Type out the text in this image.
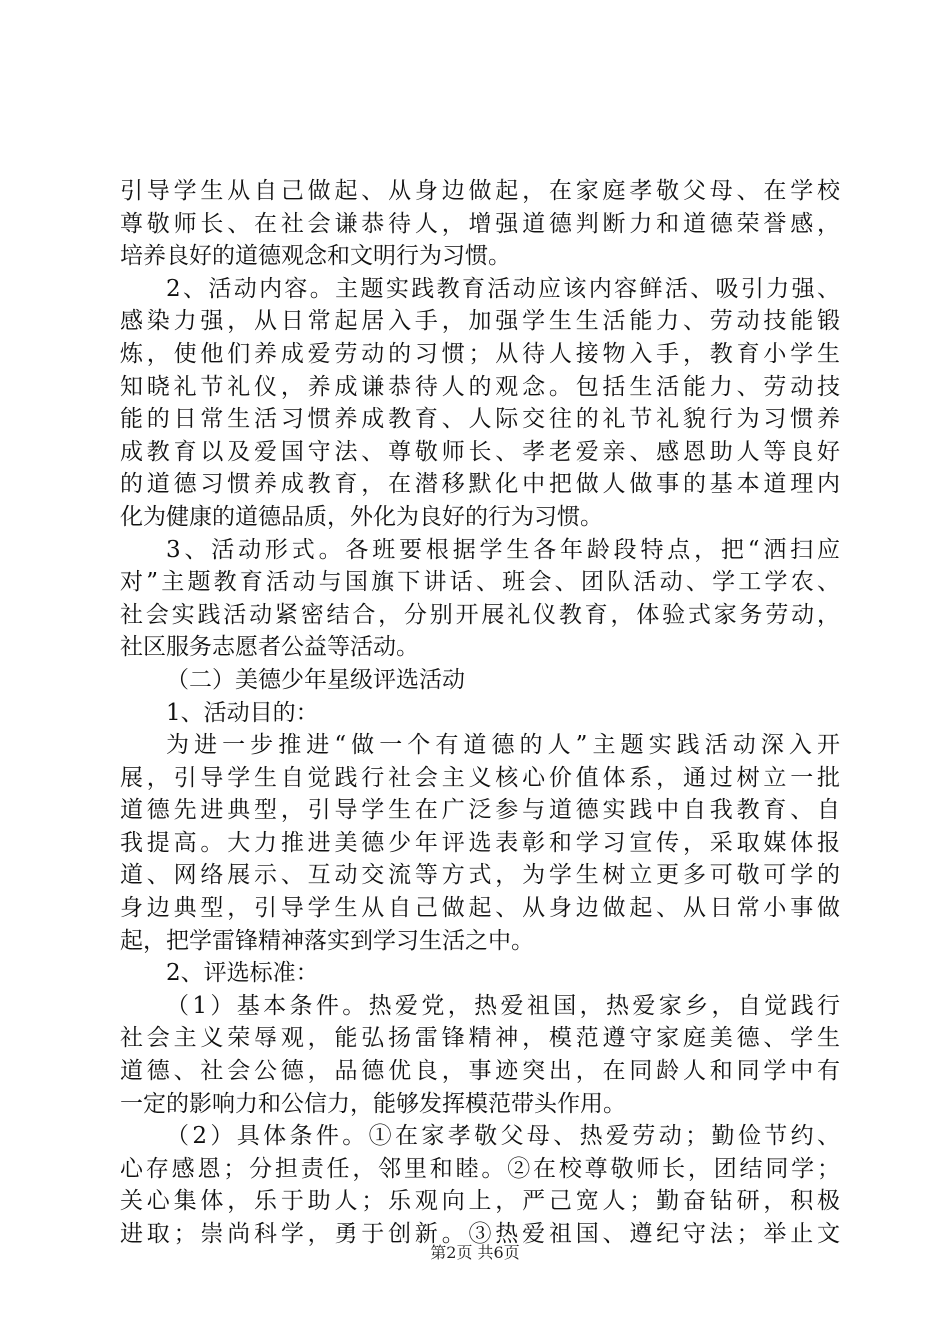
引导学生从自己做起、从身边做起，在家庭孝敬父母、在学校
尊敬师长、在社会谦恭待人，增强道德判断力和道德荣誉感，
培养良好的道德观念和文明行为习惯。
2、活动内容。主题实践教育活动应该内容鲜活、吸引力强、
感染力强，从日常起居入手，加强学生生活能力、劳动技能锻
炼，使他们养成爱劳动的习惯；从待人接物入手，教育小学生
知晓礼节礼仪，养成谦恭待人的观念。包括生活能力、劳动技
能的日常生活习惯养成教育、人际交往的礼节礼貌行为习惯养
成教育以及爱国守法、尊敬师长、孝老爱亲、感恩助人等良好
的道德习惯养成教育，在潜移默化中把做人做事的基本道理内
化为健康的道德品质，外化为良好的行为习惯。
3、活动形式。各班要根据学生各年龄段特点，把“洒扫应
对”主题教育活动与国旗下讲话、班会、团队活动、学工学农、
社会实践活动紧密结合，分别开展礼仪教育，体验式家务劳动，
社区服务志愿者公益等活动。
（二）美德少年星级评选活动
1、活动目的：
为进一步推进“做一个有道德的人”主题实践活动深入开
展，引导学生自觉践行社会主义核心价值体系，通过树立一批
道德先进典型，引导学生在广泛参与道德实践中自我教育、自
我提高。大力推进美德少年评选表彰和学习宣传，采取媒体报
道、网络展示、互动交流等方式，为学生树立更多可敬可学的
身边典型，引导学生从自己做起、从身边做起、从日常小事做
起，把学雷锋精神落实到学习生活之中。
2、评选标准：
（1）基本条件。热爱党，热爱祖国，热爱家乡，自觉践行
社会主义荣辱观，能弘扬雷锋精神，模范遵守家庭美德、学生
道德、社会公德，品德优良，事迹突出，在同龄人和同学中有
一定的影响力和公信力，能够发挥模范带头作用。
（2）具体条件。①在家孝敬父母、热爱劳动；勤俭节约、
心存感恩；分担责任，邻里和睦。②在校尊敬师长，团结同学；
关心集体，乐于助人；乐观向上，严己宽人；勤奋钻研，积极
进取；崇尚科学，勇于创新。③热爱祖国、遵纪守法；举止文
第2页 共6页
